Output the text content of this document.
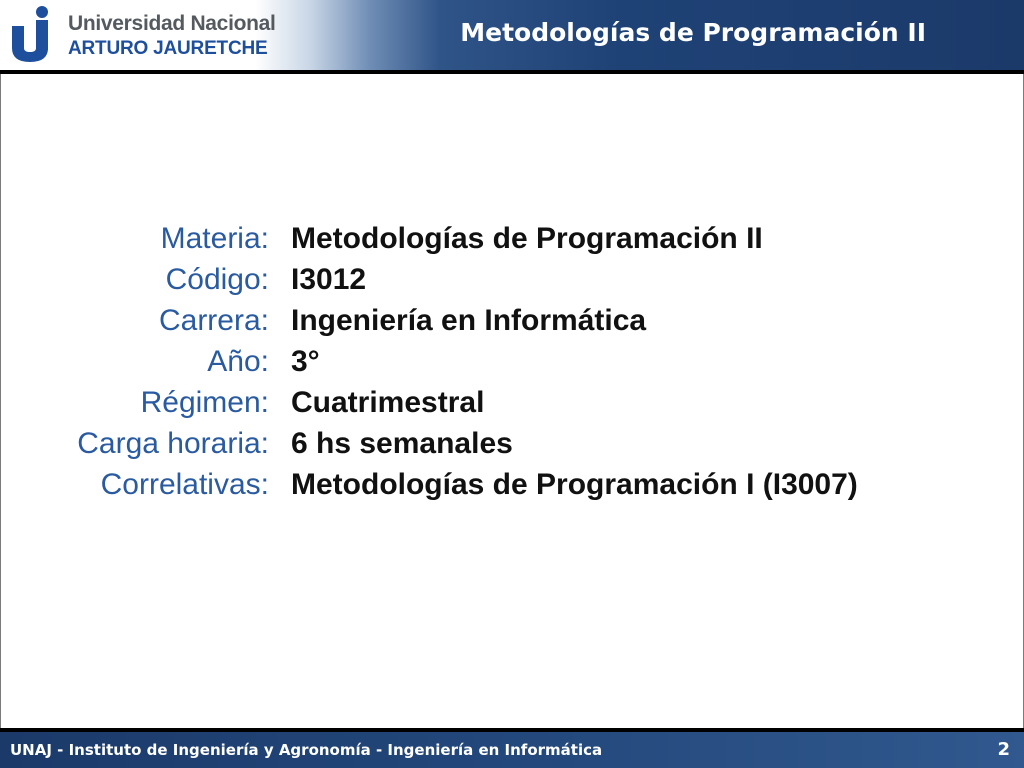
Universidad Nacional
ARTURO JAURETCHE
Metodologías de Programación II
Materia: Metodologías de Programación II
Código: I3012
Carrera: Ingeniería en Informática
Año: 3°
Régimen: Cuatrimestral
Carga horaria: 6 hs semanales
Correlativas: Metodologías de Programación I (I3007)
UNAJ - Instituto de Ingeniería y Agronomía - Ingeniería en Informática	2
